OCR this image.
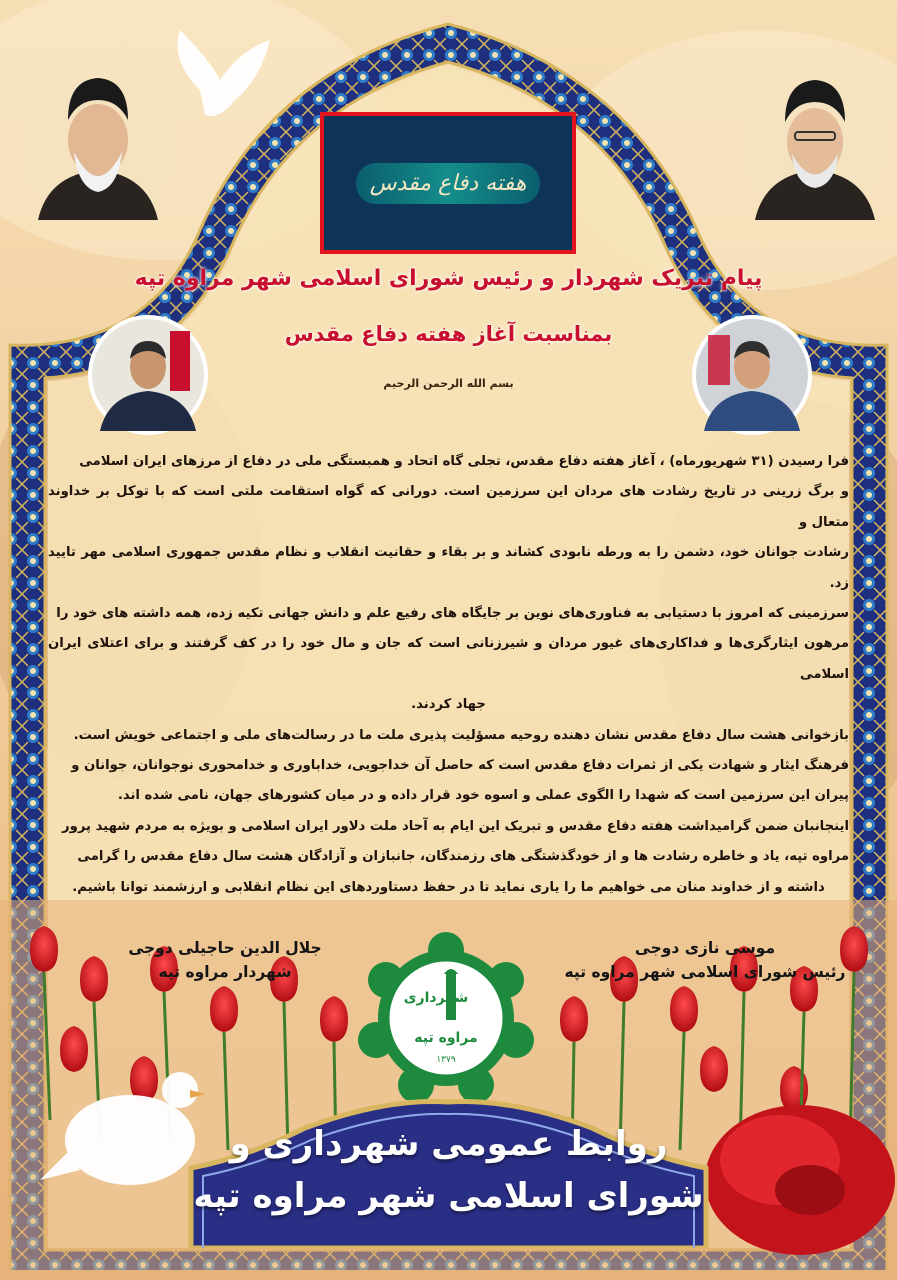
هفته دفاع مقدس
پیام تبریک شهردار و رئیس شورای اسلامی شهر مراوه تپه
بمناسبت آغاز هفته دفاع مقدس
بسم الله الرحمن الرحیم

فرا رسیدن (۳۱ شهریورماه) ، آغاز هفته دفاع مقدس، تجلی گاه اتحاد و همبستگی ملی در دفاع از مرزهای ایران اسلامی

و برگ زرینی در تاریخ رشادت های مردان این سرزمین است. دورانی که گواه استقامت ملتی است که با توکل بر خداوند متعال و

رشادت جوانان خود، دشمن را به ورطه نابودی کشاند و بر بقاء و حقانیت انقلاب و نظام مقدس جمهوری اسلامی مهر تایید زد.

سرزمینی که امروز با دستیابی به فناوری‌های نوین بر جایگاه های رفیع علم و دانش جهانی تکیه زده، همه داشته های خود را

مرهون ایثارگری‌ها و فداکاری‌های غیور مردان و شیرزنانی است که جان و مال خود را در کف گرفتند و برای اعتلای ایران اسلامی

جهاد کردند.

بازخوانی هشت سال دفاع مقدس نشان دهنده روحیه مسؤلیت پذیری ملت ما در رسالت‌های ملی و اجتماعی خویش است.

فرهنگ ایثار و شهادت یکی از ثمرات دفاع مقدس است که حاصل آن خداجویی، خداباوری و خدامحوری نوجوانان، جوانان و

پیران این سرزمین است که شهدا را الگوی عملی و اسوه خود قرار داده و در میان کشورهای جهان، نامی شده اند.

اینجانبان ضمن گرامیداشت هفته دفاع مقدس و تبریک این ایام به آحاد ملت دلاور ایران اسلامی و بویژه به مردم شهید پرور

مراوه تپه، یاد و خاطره رشادت ها و از خودگذشتگی های رزمندگان، جانبازان و آزادگان هشت سال دفاع مقدس را گرامی

داشته و از خداوند منان می خواهیم ما را یاری نماید تا در حفظ دستاوردهای این نظام انقلابی و ارزشمند توانا باشیم.

موسی نازی دوجی
رئیس شورای اسلامی شهر مراوه تپه
جلال الدین حاجیلی دوجی
شهردار مراوه تپه
شهرداری
مراوه تپه
۱۳۷۹
روابط عمومی شهرداری و
شورای اسلامی شهر مراوه تپه
